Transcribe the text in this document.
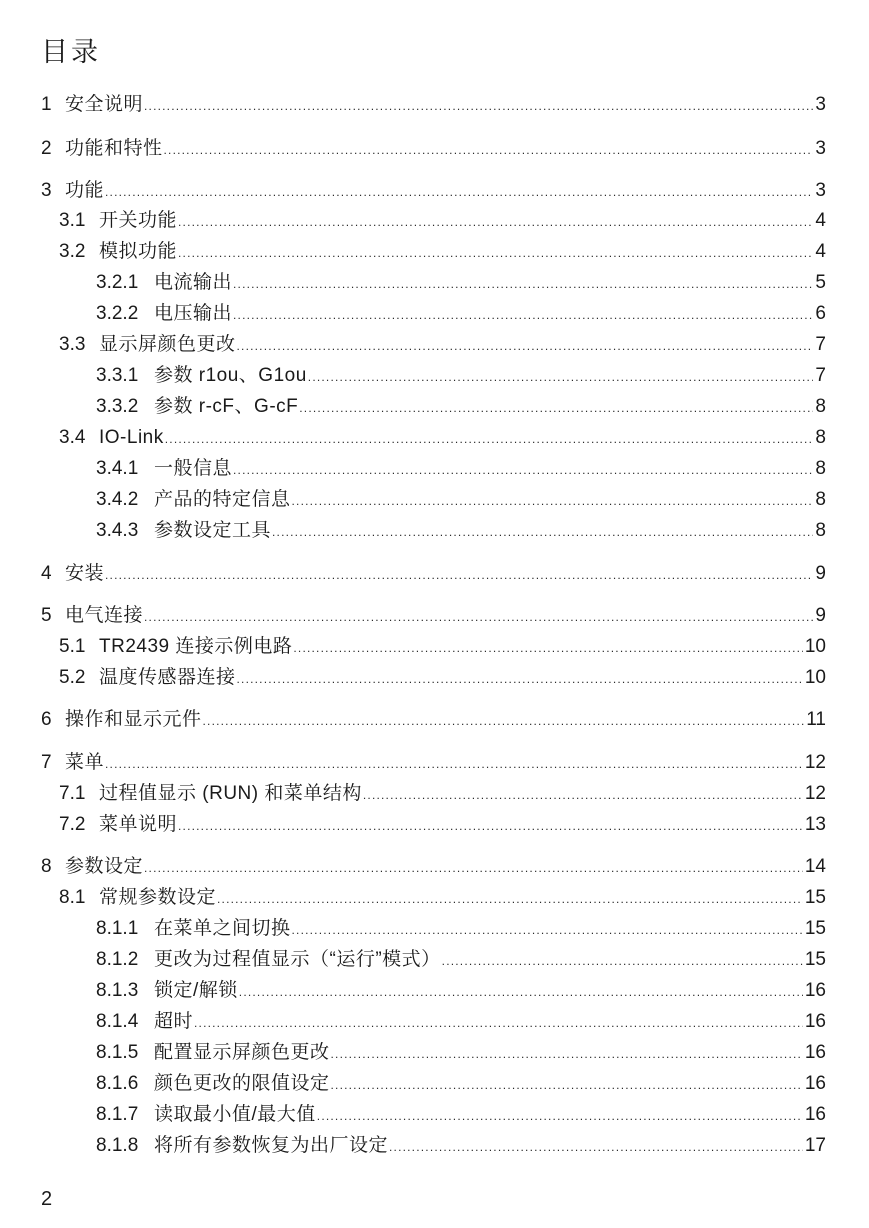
目录
1 安全说明 .....	3
2 功能和特性 .....	3
3 功能 .....	3
3.1 开关功能 .....	4
3.2 模拟功能 .....	4
3.2.1 电流输出 .....	5
3.2.2 电压输出 .....	6
3.3 显示屏颜色更改 .....	7
3.3.1 参数 r1ou、G1ou .....	7
3.3.2 参数 r-cF、G-cF .....	8
3.4 IO-Link .....	8
3.4.1 一般信息 .....	8
3.4.2 产品的特定信息 .....	8
3.4.3 参数设定工具 .....	8
4 安装 .....	9
5 电气连接 .....	9
5.1 TR2439 连接示例电路 .....	10
5.2 温度传感器连接 .....	10
6 操作和显示元件 .....	11
7 菜单 .....	12
7.1 过程值显示 (RUN) 和菜单结构 .....	12
7.2 菜单说明 .....	13
8 参数设定 .....	14
8.1 常规参数设定 .....	15
8.1.1 在菜单之间切换 .....	15
8.1.2 更改为过程值显示（“运行”模式） .....	15
8.1.3 锁定/解锁 .....	16
8.1.4 超时 .....	16
8.1.5 配置显示屏颜色更改 .....	16
8.1.6 颜色更改的限值设定 .....	16
8.1.7 读取最小值/最大值 .....	16
8.1.8 将所有参数恢复为出厂设定 .....	17
2
